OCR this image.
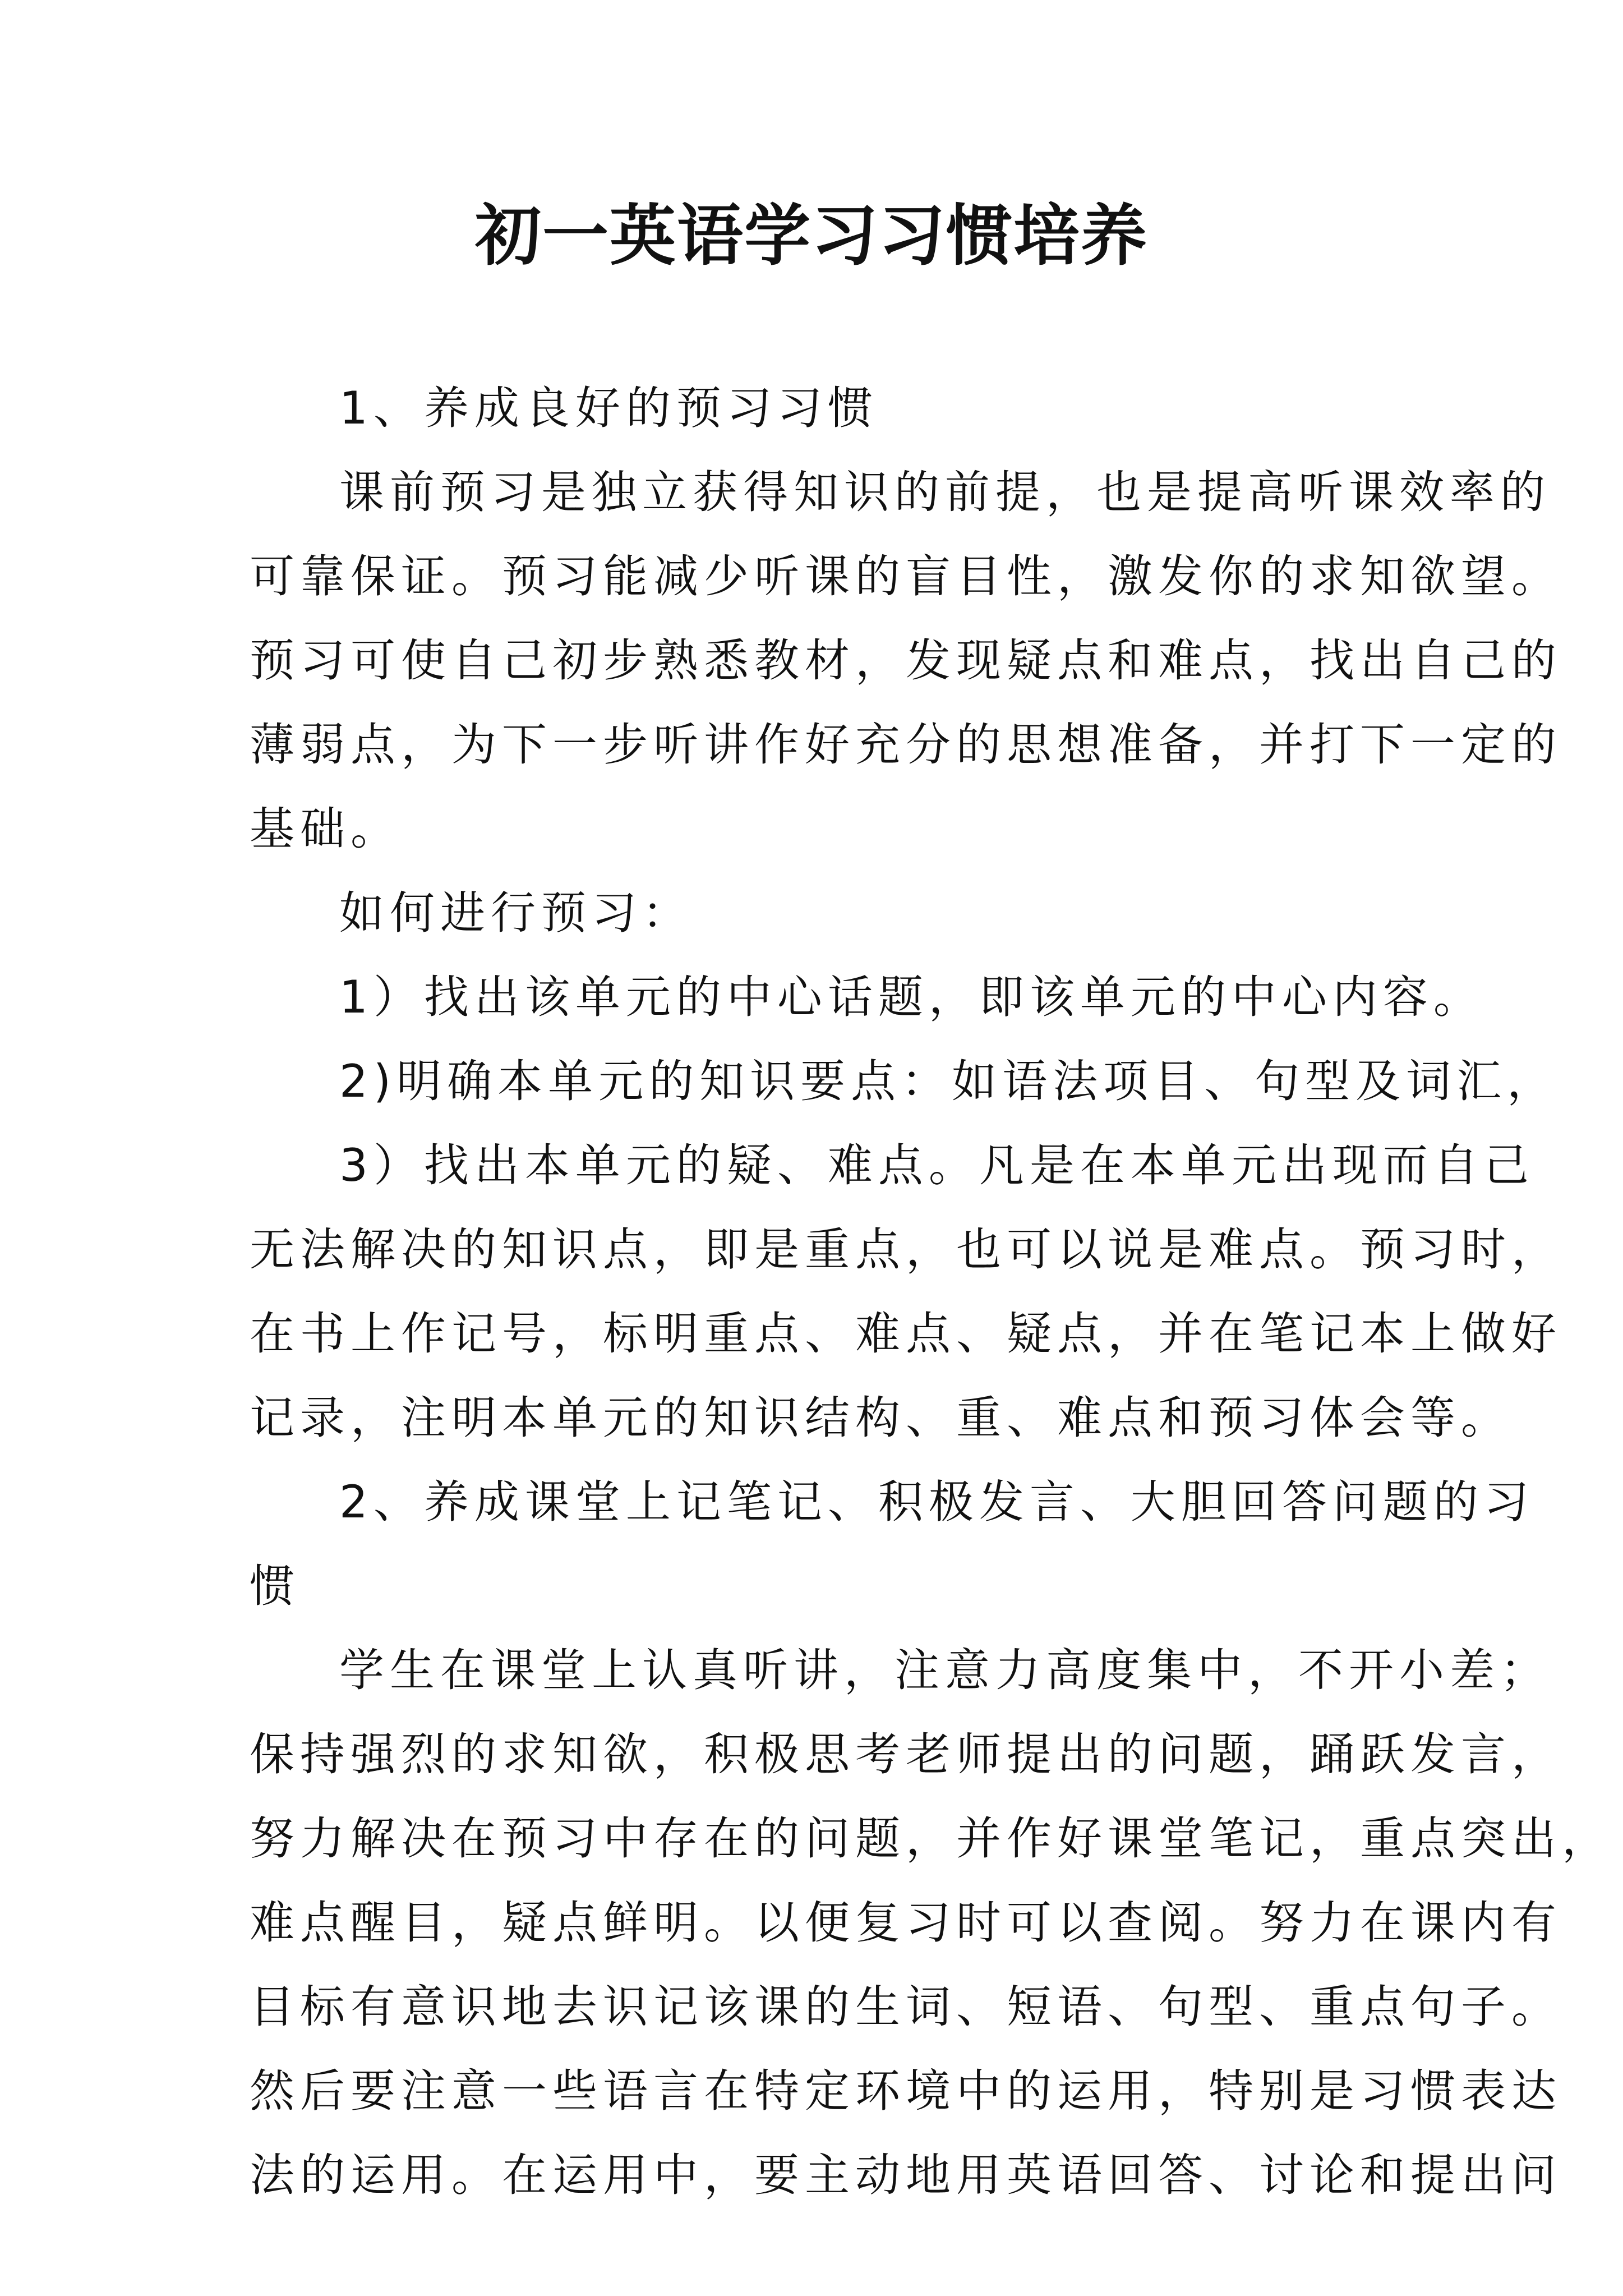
初一英语学习习惯培养
1、养成良好的预习习惯
课前预习是独立获得知识的前提，也是提高听课效率的
可靠保证。预习能减少听课的盲目性，激发你的求知欲望。
预习可使自己初步熟悉教材，发现疑点和难点，找出自己的
薄弱点，为下一步听讲作好充分的思想准备，并打下一定的
基础。
如何进行预习：
1）找出该单元的中心话题，即该单元的中心内容。
2)明确本单元的知识要点：如语法项目、句型及词汇，
3）找出本单元的疑、难点。凡是在本单元出现而自己
无法解决的知识点，即是重点，也可以说是难点。预习时，
在书上作记号，标明重点、难点、疑点，并在笔记本上做好
记录，注明本单元的知识结构、重、难点和预习体会等。
2、养成课堂上记笔记、积极发言、大胆回答问题的习
惯
学生在课堂上认真听讲，注意力高度集中，不开小差；
保持强烈的求知欲，积极思考老师提出的问题，踊跃发言，
努力解决在预习中存在的问题，并作好课堂笔记，重点突出，
难点醒目，疑点鲜明。以便复习时可以查阅。努力在课内有
目标有意识地去识记该课的生词、短语、句型、重点句子。
然后要注意一些语言在特定环境中的运用，特别是习惯表达
法的运用。在运用中，要主动地用英语回答、讨论和提出问
